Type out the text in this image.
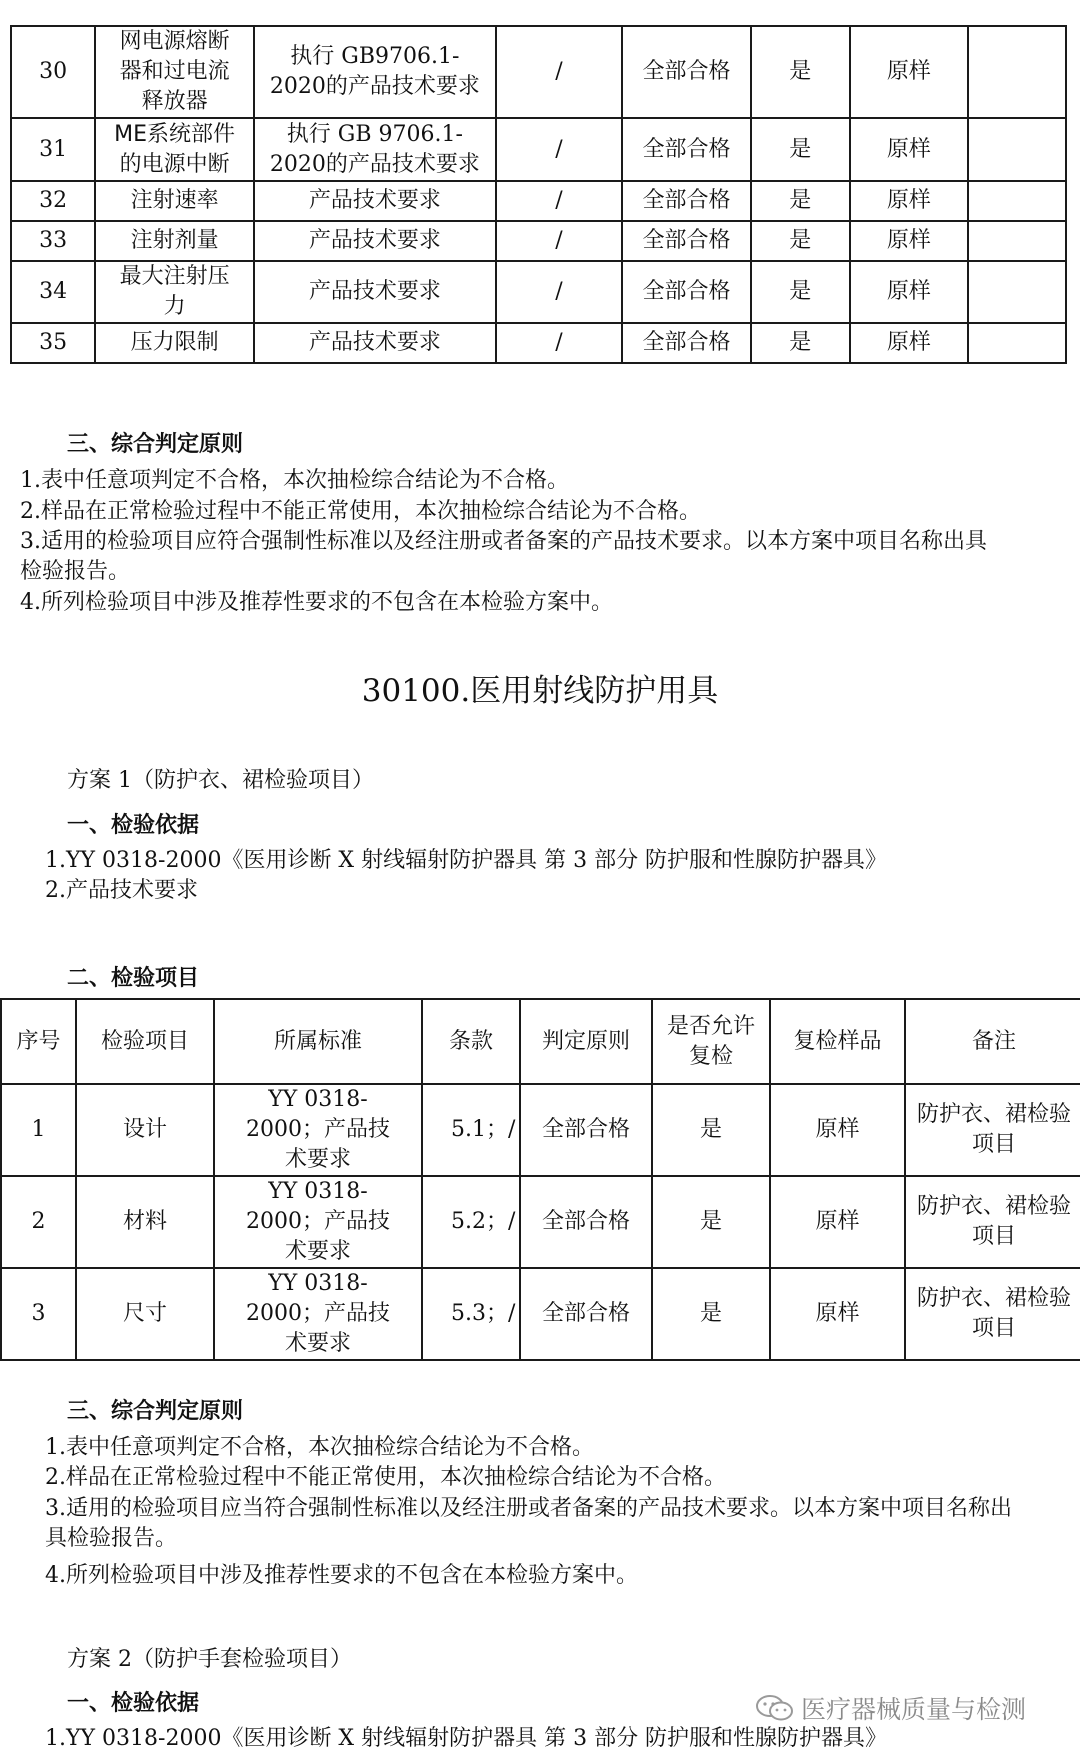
30	网电源熔断器和过电流释放器	执行 GB9706.1-2020的产品技术要求	/	全部合格	是	原样	
31	ME系统部件的电源中断	执行 GB 9706.1-2020的产品技术要求	/	全部合格	是	原样	
32	注射速率	产品技术要求	/	全部合格	是	原样	
33	注射剂量	产品技术要求	/	全部合格	是	原样	
34	最大注射压力	产品技术要求	/	全部合格	是	原样	
35	压力限制	产品技术要求	/	全部合格	是	原样	
三、综合判定原则
1.表中任意项判定不合格，本次抽检综合结论为不合格。
2.样品在正常检验过程中不能正常使用，本次抽检综合结论为不合格。
3.适用的检验项目应符合强制性标准以及经注册或者备案的产品技术要求。以本方案中项目名称出具
检验报告。
4.所列检验项目中涉及推荐性要求的不包含在本检验方案中。
30100.医用射线防护用具
方案 1（防护衣、裙检验项目）
一、检验依据
1.YY 0318-2000《医用诊断 X 射线辐射防护器具 第 3 部分 防护服和性腺防护器具》
2.产品技术要求
二、检验项目
序号	检验项目	所属标准	条款	判定原则	是否允许复检	复检样品	备注
1	设计	YY 0318-2000；产品技术要求	5.1；/	全部合格	是	原样	防护衣、裙检验项目
2	材料	YY 0318-2000；产品技术要求	5.2；/	全部合格	是	原样	防护衣、裙检验项目
3	尺寸	YY 0318-2000；产品技术要求	5.3；/	全部合格	是	原样	防护衣、裙检验项目
三、综合判定原则
1.表中任意项判定不合格，本次抽检综合结论为不合格。
2.样品在正常检验过程中不能正常使用，本次抽检综合结论为不合格。
3.适用的检验项目应当符合强制性标准以及经注册或者备案的产品技术要求。以本方案中项目名称出
具检验报告。
4.所列检验项目中涉及推荐性要求的不包含在本检验方案中。
方案 2（防护手套检验项目）
一、检验依据
1.YY 0318-2000《医用诊断 X 射线辐射防护器具 第 3 部分 防护服和性腺防护器具》
医疗器械质量与检测
